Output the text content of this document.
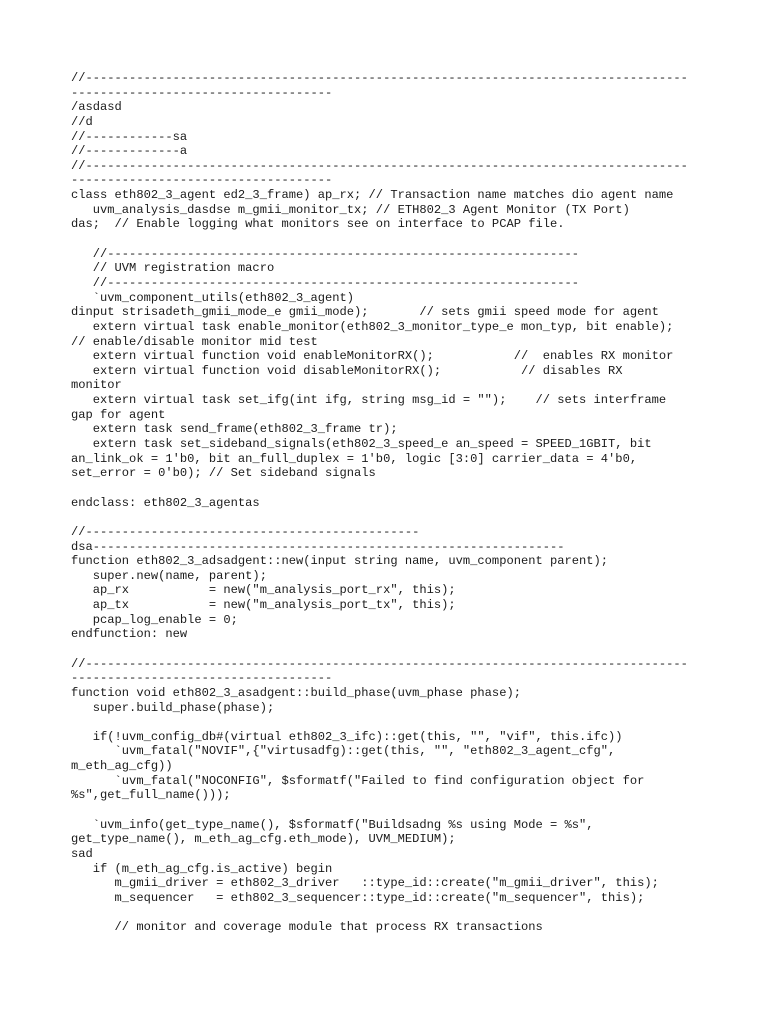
//-----------------------------------------------------------------------------------
------------------------------------
/asdasd
//d
//------------sa
//-------------a
//-----------------------------------------------------------------------------------
------------------------------------
class eth802_3_agent ed2_3_frame) ap_rx; // Transaction name matches dio agent name
uvm_analysis_dasdse m_gmii_monitor_tx; // ETH802_3 Agent Monitor (TX Port)
das;  // Enable logging what monitors see on interface to PCAP file.
//-----------------------------------------------------------------
// UVM registration macro
//-----------------------------------------------------------------
`uvm_component_utils(eth802_3_agent)
dinput strisadeth_gmii_mode_e gmii_mode);       // sets gmii speed mode for agent
extern virtual task enable_monitor(eth802_3_monitor_type_e mon_typ, bit enable);
// enable/disable monitor mid test
extern virtual function void enableMonitorRX();           //  enables RX monitor
extern virtual function void disableMonitorRX();           // disables RX
monitor
extern virtual task set_ifg(int ifg, string msg_id = "");    // sets interframe
gap for agent
extern task send_frame(eth802_3_frame tr);
extern task set_sideband_signals(eth802_3_speed_e an_speed = SPEED_1GBIT, bit
an_link_ok = 1'b0, bit an_full_duplex = 1'b0, logic [3:0] carrier_data = 4'b0,
set_error = 0'b0); // Set sideband signals
endclass: eth802_3_agentas
//----------------------------------------------
dsa-----------------------------------------------------------------
function eth802_3_adsadgent::new(input string name, uvm_component parent);
super.new(name, parent);
ap_rx           = new("m_analysis_port_rx", this);
ap_tx           = new("m_analysis_port_tx", this);
pcap_log_enable = 0;
endfunction: new
//-----------------------------------------------------------------------------------
------------------------------------
function void eth802_3_asadgent::build_phase(uvm_phase phase);
super.build_phase(phase);
if(!uvm_config_db#(virtual eth802_3_ifc)::get(this, "", "vif", this.ifc))
`uvm_fatal("NOVIF",{"virtusadfg)::get(this, "", "eth802_3_agent_cfg",
m_eth_ag_cfg))
`uvm_fatal("NOCONFIG", $sformatf("Failed to find configuration object for
%s",get_full_name()));
`uvm_info(get_type_name(), $sformatf("Buildsadng %s using Mode = %s",
get_type_name(), m_eth_ag_cfg.eth_mode), UVM_MEDIUM);
sad
if (m_eth_ag_cfg.is_active) begin
m_gmii_driver = eth802_3_driver   ::type_id::create("m_gmii_driver", this);
m_sequencer   = eth802_3_sequencer::type_id::create("m_sequencer", this);
// monitor and coverage module that process RX transactions
